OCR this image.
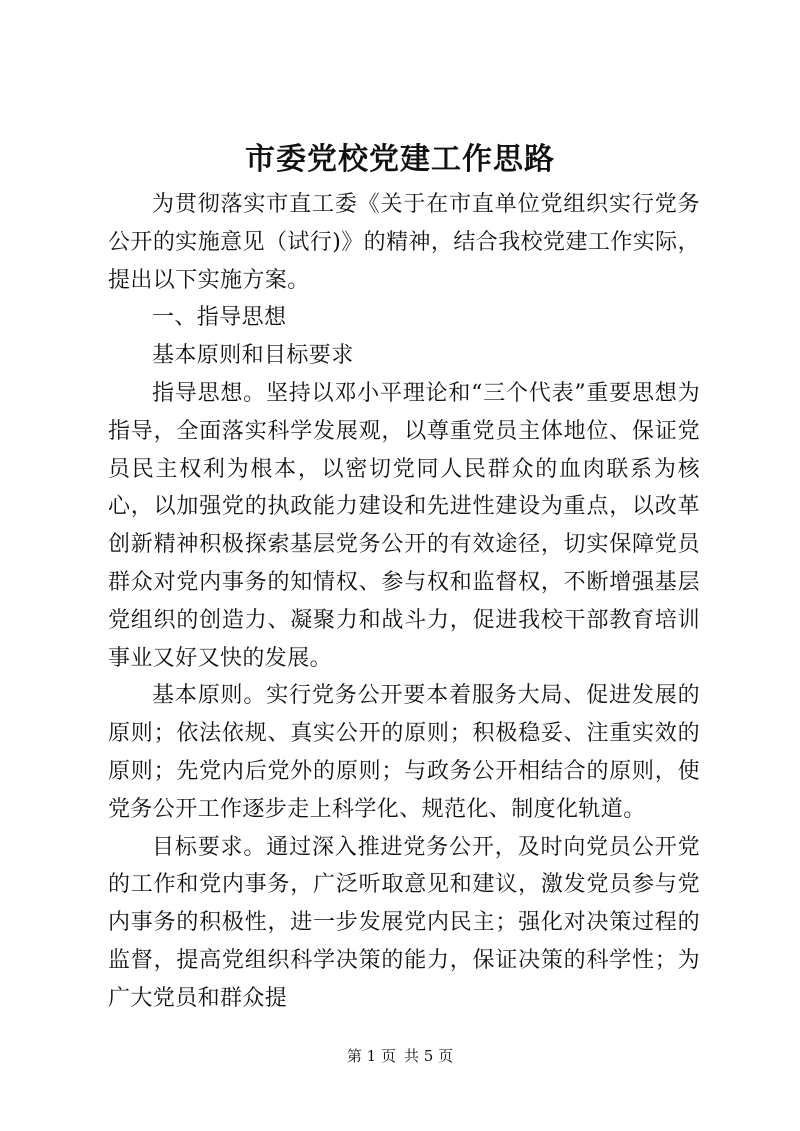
市委党校党建工作思路

为贯彻落实市直工委《关于在市直单位党组织实行党务公开的实施意见（试行)》的精神，结合我校党建工作实际，提出以下实施方案。

一、指导思想

基本原则和目标要求

指导思想。坚持以邓小平理论和“三个代表”重要思想为指导，全面落实科学发展观，以尊重党员主体地位、保证党员民主权利为根本，以密切党同人民群众的血肉联系为核心，以加强党的执政能力建设和先进性建设为重点，以改革创新精神积极探索基层党务公开的有效途径，切实保障党员群众对党内事务的知情权、参与权和监督权，不断增强基层党组织的创造力、凝聚力和战斗力，促进我校干部教育培训事业又好又快的发展。

基本原则。实行党务公开要本着服务大局、促进发展的原则；依法依规、真实公开的原则；积极稳妥、注重实效的原则；先党内后党外的原则；与政务公开相结合的原则，使党务公开工作逐步走上科学化、规范化、制度化轨道。

目标要求。通过深入推进党务公开，及时向党员公开党的工作和党内事务，广泛听取意见和建议，激发党员参与党内事务的积极性，进一步发展党内民主；强化对决策过程的监督，提高党组织科学决策的能力，保证决策的科学性；为广大党员和群众提

第 1 页 共 5 页
